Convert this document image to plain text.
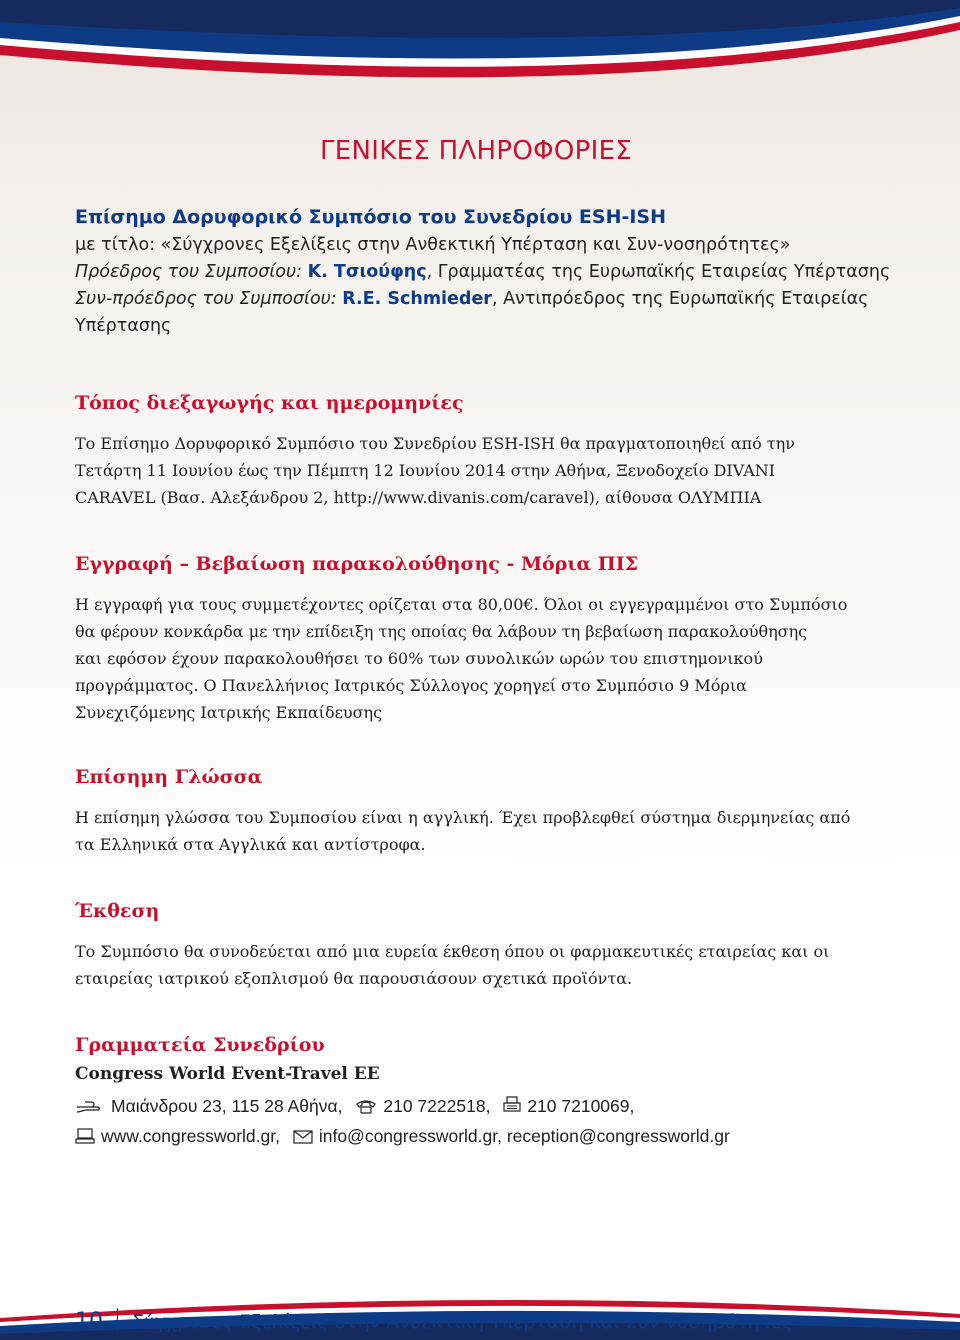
ΓΕΝΙΚΕΣ ΠΛΗΡΟΦΟΡΙΕΣ
Επίσημο Δορυφορικό Συμπόσιο του Συνεδρίου ESH-ISH
με τίτλο: «Σύγχρονες Εξελίξεις στην Ανθεκτική Υπέρταση και Συν-νοσηρότητες»
Πρόεδρος του Συμποσίου: Κ. Τσιούφης, Γραμματέας της Ευρωπαϊκής Εταιρείας Υπέρτασης
Συν-πρόεδρος του Συμποσίου: R.E. Schmieder, Αντιπρόεδρος της Ευρωπαϊκής Εταιρείας
Υπέρτασης
Τόπος διεξαγωγής και ημερομηνίες
Το Επίσημο Δορυφορικό Συμπόσιο του Συνεδρίου ESH-ISH θα πραγματοποιηθεί από την
Τετάρτη 11 Ιουνίου έως την Πέμπτη 12 Ιουνίου 2014 στην Αθήνα, Ξενοδοχείο DIVANI
CARAVEL (Βασ. Αλεξάνδρου 2, http://www.divanis.com/caravel), αίθουσα ΟΛΥΜΠΙΑ
Εγγραφή – Βεβαίωση παρακολούθησης - Μόρια ΠΙΣ
Η εγγραφή για τους συμμετέχοντες ορίζεται στα 80,00€. Όλοι οι εγγεγραμμένοι στο Συμπόσιο
θα φέρουν κονκάρδα με την επίδειξη της οποίας θα λάβουν τη βεβαίωση παρακολούθησης
και εφόσον έχουν παρακολουθήσει το 60% των συνολικών ωρών του επιστημονικού
προγράμματος. Ο Πανελλήνιος Ιατρικός Σύλλογος χορηγεί στο Συμπόσιο 9 Μόρια
Συνεχιζόμενης Ιατρικής Εκπαίδευσης
Επίσημη Γλώσσα
Η επίσημη γλώσσα του Συμποσίου είναι η αγγλική. Έχει προβλεφθεί σύστημα διερμηνείας από
τα Ελληνικά στα Αγγλικά και αντίστροφα.
Έκθεση
Το Συμπόσιο θα συνοδεύεται από μια ευρεία έκθεση όπου οι φαρμακευτικές εταιρείας και οι
εταιρείας ιατρικού εξοπλισμού θα παρουσιάσουν σχετικά προϊόντα.
Γραμματεία Συνεδρίου
Congress World Event-Travel EE
Μαιάνδρου 23, 115 28 Αθήνα, 210 7222518, 210 7210069,
www.congressworld.gr, info@congressworld.gr, reception@congressworld.gr
10 Σύγχρονες Εξελίξεις στην Ανθεκτική Υπέρταση και Συν-νοσηρότητες
